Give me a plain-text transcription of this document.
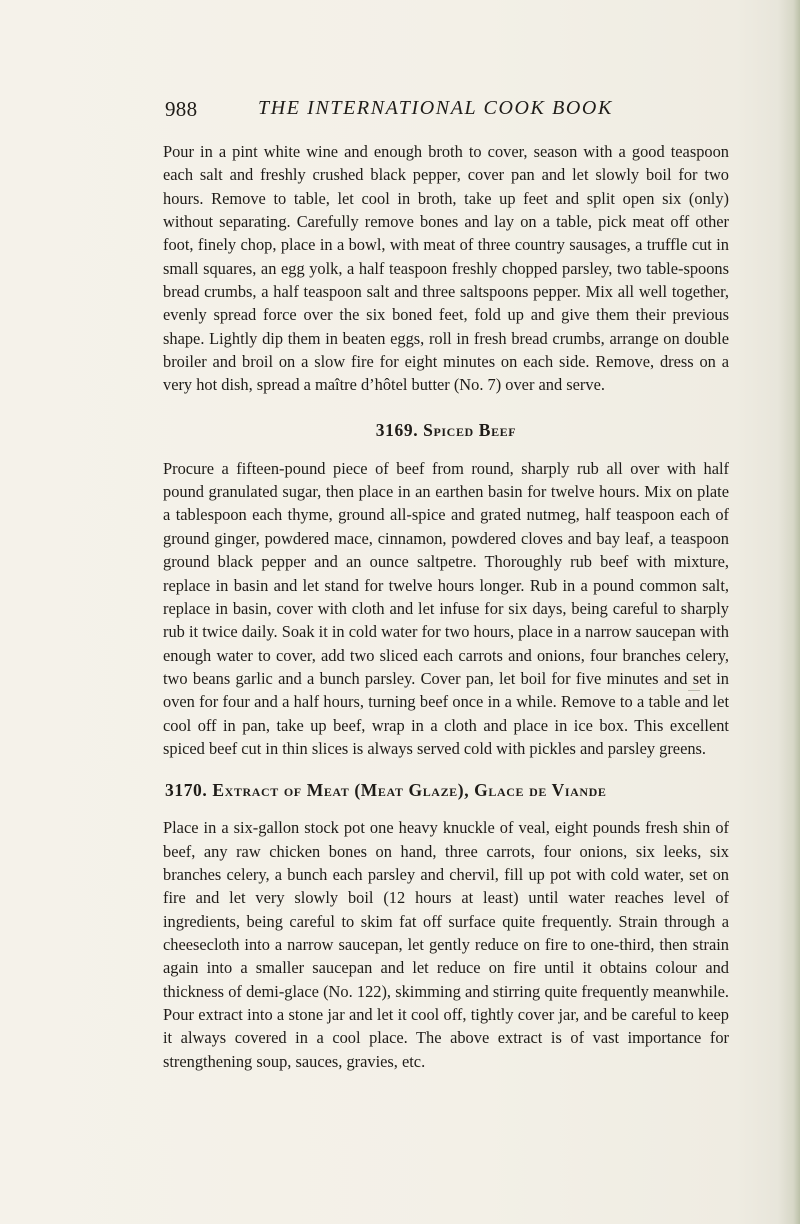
988	THE INTERNATIONAL COOK BOOK

Pour in a pint white wine and enough broth to cover, season with a good teaspoon each salt and freshly crushed black pepper, cover pan and let slowly boil for two hours. Remove to table, let cool in broth, take up feet and split open six (only) without separating. Carefully remove bones and lay on a table, pick meat off other foot, finely chop, place in a bowl, with meat of three country sausages, a truffle cut in small squares, an egg yolk, a half teaspoon freshly chopped parsley, two table-spoons bread crumbs, a half teaspoon salt and three saltspoons pepper. Mix all well together, evenly spread force over the six boned feet, fold up and give them their previous shape. Lightly dip them in beaten eggs, roll in fresh bread crumbs, arrange on double broiler and broil on a slow fire for eight minutes on each side. Remove, dress on a very hot dish, spread a maître d’hôtel butter (No. 7) over and serve.

3169. Spiced Beef

Procure a fifteen-pound piece of beef from round, sharply rub all over with half pound granulated sugar, then place in an earthen basin for twelve hours. Mix on plate a tablespoon each thyme, ground all-spice and grated nutmeg, half teaspoon each of ground ginger, powdered mace, cinnamon, powdered cloves and bay leaf, a teaspoon ground black pepper and an ounce saltpetre. Thoroughly rub beef with mixture, replace in basin and let stand for twelve hours longer. Rub in a pound common salt, replace in basin, cover with cloth and let infuse for six days, being careful to sharply rub it twice daily. Soak it in cold water for two hours, place in a narrow saucepan with enough water to cover, add two sliced each carrots and onions, four branches celery, two beans garlic and a bunch parsley. Cover pan, let boil for five minutes and set in oven for four and a half hours, turning beef once in a while. Remove to a table and let cool off in pan, take up beef, wrap in a cloth and place in ice box. This excellent spiced beef cut in thin slices is always served cold with pickles and parsley greens.

3170. Extract of Meat (Meat Glaze), Glace de Viande

Place in a six-gallon stock pot one heavy knuckle of veal, eight pounds fresh shin of beef, any raw chicken bones on hand, three carrots, four onions, six leeks, six branches celery, a bunch each parsley and chervil, fill up pot with cold water, set on fire and let very slowly boil (12 hours at least) until water reaches level of ingredients, being careful to skim fat off surface quite frequently. Strain through a cheesecloth into a narrow saucepan, let gently reduce on fire to one-third, then strain again into a smaller saucepan and let reduce on fire until it obtains colour and thickness of demi-glace (No. 122), skimming and stirring quite frequently meanwhile. Pour extract into a stone jar and let it cool off, tightly cover jar, and be careful to keep it always covered in a cool place. The above extract is of vast importance for strengthening soup, sauces, gravies, etc.
